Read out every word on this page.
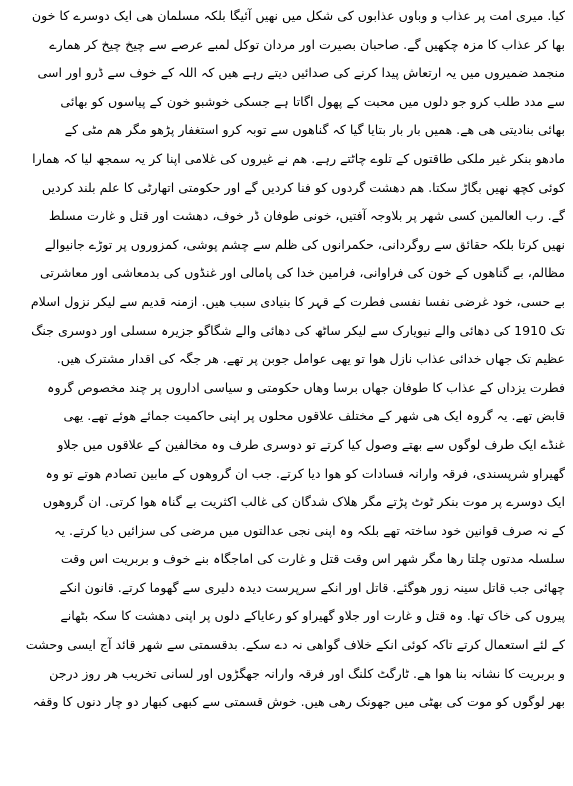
کیا. میری امت پر عذاب و وباوں عذابوں کی شکل میں نھیں آئیگا بلکہ مسلمان ھی ایک دوسرے کا خون
بھا کر عذاب کا مزہ چکھیں گے. صاحبان بصیرت اور مردان توکل لمبے عرصے سے چیخ چیخ کر ھمارے
منجمد ضمیروں میں یہ ارتعاش پیدا کرنے کی صدائیں دیتے رہے ھیں کہ اللہ کے خوف سے ڈرو اور اسی
سے مدد طلب کرو جو دلوں میں محبت کے پھول اگاتا ہے جسکی خوشبو خون کے پیاسوں کو بھائی
بھائی بنادیتی ھی ھے. ھمیں بار بار بتایا گیا کہ گناھوں سے توبہ کرو استغفار پڑھو مگر ھم مٹی کے
مادھو بنکر غیر ملکی طاقتوں کے تلوے چاٹتے رہے. ھم نے غیروں کی غلامی اپنا کر یہ سمجھ لیا کہ ھمارا
کوئی کچھ نھیں بگاڑ سکتا. ھم دھشت گردوں کو فنا کردیں گے اور حکومتی اتھارٹی کا علم بلند کردیں
گے. رب العالمین کسی شھر پر بلاوجہ آفتیں، خونی طوفان ڈر خوف، دھشت اور قتل و غارت مسلط
نھیں کرتا بلکہ حقائق سے روگردانی، حکمرانوں کی ظلم سے چشم پوشی، کمزوروں پر توڑے جانیوالے
مظالم، بے گناھوں کے خون کی فراوانی، فرامین خدا کی پامالی اور غنڈوں کی بدمعاشی اور معاشرتی
بے حسی، خود غرضی نفسا نفسی فطرت کے قہر کا بنیادی سبب ھیں. ازمنہ قدیم سے لیکر نزول اسلام
تک 1910 کی دھائی والے نیویارک سے لیکر ساٹھ کی دھائی والے شگاگو جزیرہ سسلی اور دوسری جنگ
عظیم تک جھاں خدائی عذاب نازل ھوا تو یھی عوامل جوبن پر تھے. ھر جگہ کی اقدار مشترک ھیں.
فطرت یزداں کے عذاب کا طوفان جھاں برسا وھاں حکومتی و سیاسی اداروں پر چند مخصوص گروہ
قابض تھے. یہ گروہ ایک ھی شھر کے مختلف علاقوں محلوں پر اپنی حاکمیت جمائے ھوئے تھے. یھی
غنڈے ایک طرف لوگوں سے بھتے وصول کیا کرتے تو دوسری طرف وہ مخالفین کے علاقوں میں جلاو
گھیراو شرپسندی، فرقہ وارانہ فسادات کو ھوا دیا کرتے. جب ان گروھوں کے مابین تصادم ھوتے تو وہ
ایک دوسرے پر موت بنکر ٹوٹ پڑتے مگر ھلاک شدگان کی غالب اکثریت بے گناہ ھوا کرتی. ان گروھوں
کے نہ صرف قوانین خود ساختہ تھے بلکہ وہ اپنی نجی عدالتوں میں مرضی کی سزائیں دیا کرتے. یہ
سلسلہ مدتوں چلتا رھا مگر شھر اس وقت قتل و غارت کی اماجگاہ بنے خوف و بربریت اس وقت
چھائی جب قاتل سینہ زور ھوگئے. قاتل اور انکے سرپرست دیدہ دلیری سے گھوما کرتے. قانون انکے
پیروں کی خاک تھا. وہ قتل و غارت اور جلاو گھیراو کو رعایاکے دلوں پر اپنی دھشت کا سکہ بٹھانے
کے لئے استعمال کرتے تاکہ کوئی انکے خلاف گواھی نہ دے سکے. بدقسمتی سے شھر قائد آج ایسی وحشت
و بربریت کا نشانہ بنا ھوا ھے. ٹارگٹ کلنگ اور فرقہ وارانہ جھگڑوں اور لسانی تخریب ھر روز درجن
بھر لوگوں کو موت کی بھٹی میں جھونک رھی ھیں. خوش قسمتی سے کبھی کبھار دو چار دنوں کا وقفہ
